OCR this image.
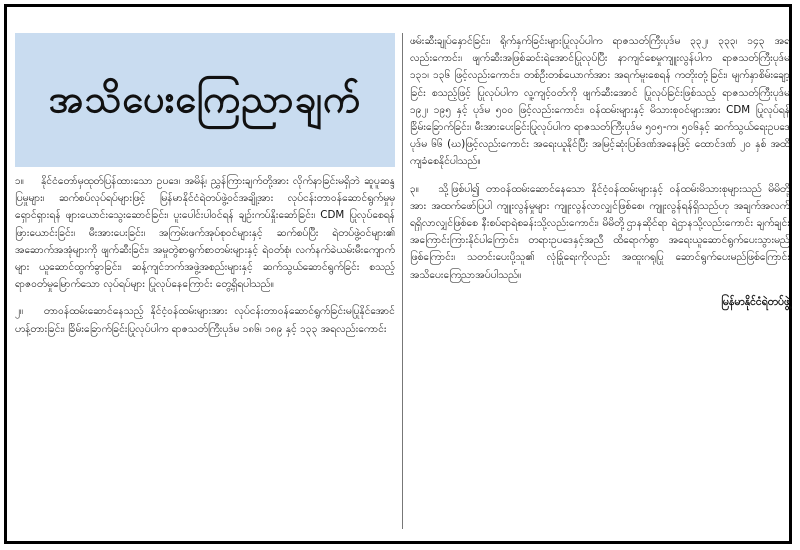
အသိပေးကြေညာချက်

၁။ နိုင်ငံတော်မှထုတ်ပြန်ထားသော ဥပဒေ၊ အမိန့်၊ ညွှန်ကြားချက်တို့အား လိုက်နာခြင်းမရှိဘဲ ဆူပူဆန္ဒပြမှုများ၊ ဆက်စပ်လုပ်ရပ်များဖြင့် မြန်မာနိုင်ငံရဲတပ်ဖွဲ့ဝင်အချို့အား လုပ်ငန်းတာဝန်ဆောင်ရွက်မှုမှ ရှောင်ရှားရန် ဖျားယောင်းသွေးဆောင်ခြင်း၊ ပူးပေါင်းပါဝင်ရန် ချဉ်းကပ်နှိုးဆော်ခြင်း၊ CDM ပြုလုပ်စေရန် ဖြားယောင်းခြင်း၊ မီးအားပေးခြင်း၊ အကြမ်းဖက်အုပ်စုဝင်များနှင့် ဆက်စပ်ပြီး ရဲတပ်ဖွဲ့ဝင်များ၏ အဆောက်အအုံများကို ဖျက်ဆီးခြင်း၊ အမှုတွဲစာရွက်စာတမ်းများနှင့် ရဲဝတ်စုံ၊ လက်နက်ခဲယမ်းမီးကျောက်များ ယူဆောင်ထွက်ခွာခြင်း၊ ဆန့်ကျင်ဘက်အဖွဲ့အစည်းများနှင့် ဆက်သွယ်ဆောင်ရွက်ခြင်း စသည့် ရာဇဝတ်မှုမြောက်သော လုပ်ရပ်များ ပြုလုပ်နေကြောင်း တွေ့ရှိရပါသည်။

၂။ တာဝန်ထမ်းဆောင်နေသည့် နိုင်ငံ့ဝန်ထမ်းများအား လုပ်ငန်းတာဝန်ဆောင်ရွက်ခြင်းမပြုနိုင်အောင် ဟန့်တားခြင်း၊ ခြိမ်းခြောက်ခြင်းပြုလုပ်ပါက ရာဇသတ်ကြီးပုဒ်မ ၁၈၆၊ ၁၈၉ နှင့် ၁၃၃ အရလည်းကောင်း

ဖမ်းဆီးချုပ်နှောင်ခြင်း၊ ရိုက်နှက်ခြင်းများပြုလုပ်ပါက ရာဇသတ်ကြီးပုဒ်မ ၃၃၂၊ ၃၃၃၊ ၁၄၃ အရလည်းကောင်း၊ ဖျက်ဆီးအဖြစ်ဆင်းရဲအောင်ပြုလုပ်ပြီး နာကျင်စေမှုကျူးလွန်ပါက ရာဇသတ်ကြီးပုဒ်မ ၁၃၁၊ ၁၃၆ ဖြင့်လည်းကောင်း၊ တစ်ဦးတစ်ယောက်အား အရက်မူးစေရန် ကတိုးတုံ့ခြင်း၊ မျက်နှာစိမ်းချော့ခြင်း စသည့်ဖြင့် ပြုလုပ်ပါက လူ့ကျင့်ဝတ်ကို ဖျက်ဆီးအောင် ပြုလုပ်ခြင်းဖြစ်သည့် ရာဇသတ်ကြီးပုဒ်မ ၁၉၂၊ ၁၉၅ နှင့် ပုဒ်မ ၅၀၀ ဖြင့်လည်းကောင်း၊ ဝန်ထမ်းများနှင့် မိသားစုဝင်များအား CDM ပြုလုပ်ရန် ခြိမ်းခြောက်ခြင်း၊ မီးအားပေးခြင်းပြုလုပ်ပါက ရာဇသတ်ကြီးပုဒ်မ ၅၀၅-က၊ ၅၀၆နှင့် ဆက်သွယ်ရေးဥပဒေပုဒ်မ ၆၆ (ဃ)ဖြင့်လည်းကောင်း အရေးယူနိုင်ပြီး အမြင့်ဆုံးပြစ်ဒဏ်အနေဖြင့် ထောင်ဒဏ် ၂၀ နှစ် အထိ ကျခံစေနိုင်ပါသည်။

၃။ သို့ဖြစ်ပါ၍ တာဝန်ထမ်းဆောင်နေသော နိုင်ငံ့ဝန်ထမ်းများနှင့် ဝန်ထမ်းမိသားစုများသည် မိမိတို့အား အထက်ဖော်ပြပါ ကျူးလွန်မှုများ ကျူးလွန်လာလျှင်ဖြစ်စေ၊ ကျူးလွန်ရန်ရှိသည်ဟု အချက်အလက်ရရှိလာလျှင်ဖြစ်စေ နီးစပ်ရာရဲစခန်းသို့လည်းကောင်း၊ မိမိတို့ဌာနဆိုင်ရာ ရဲဌာနသို့လည်းကောင်း ချက်ချင်းအကြောင်းကြားနိုင်ပါကြောင်း၊ တရားဥပဒေနှင့်အညီ ထိရောက်စွာ အရေးယူဆောင်ရွက်ပေးသွားမည် ဖြစ်ကြောင်း၊ သတင်းပေးပို့သူ၏ လုံခြုံရေးကိုလည်း အထူးဂရုပြု ဆောင်ရွက်ပေးမည်ဖြစ်ကြောင်း အသိပေးကြေညာအပ်ပါသည်။

မြန်မာနိုင်ငံရဲတပ်ဖွဲ့
